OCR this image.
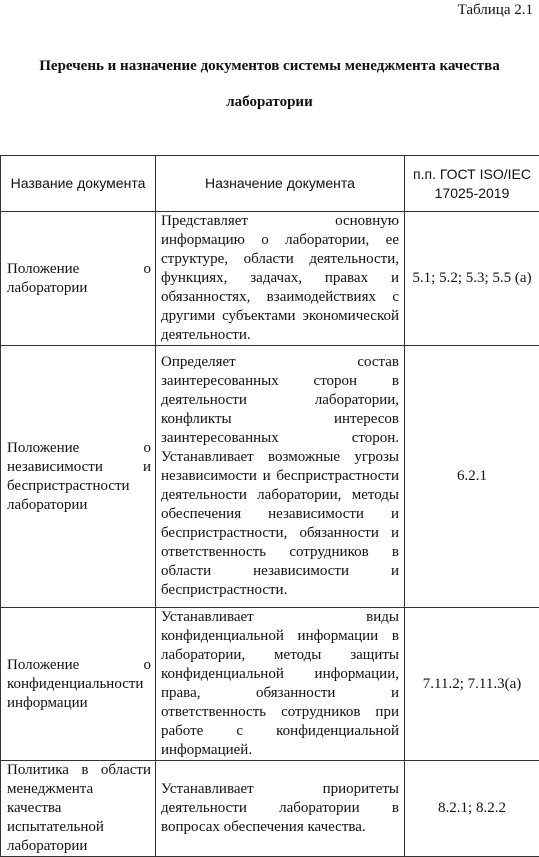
Таблица 2.1
Перечень и назначение документов системы менеджмента качества лаборатории
Название документа	Назначение документа	п.п. ГОСТ ISO/IEC 17025-2019
Положение о лаборатории	Представляет основную информацию о лаборатории, ее структуре, области деятельности, функциях, задачах, правах и обязанностях, взаимодействиях с другими субъектами экономической деятельности.	5.1; 5.2; 5.3; 5.5 (а)
Положение о независимости и беспристрастности лаборатории	Определяет состав заинтересованных сторон в деятельности лаборатории, конфликты интересов заинтересованных сторон. Устанавливает возможные угрозы независимости и беспристрастности деятельности лаборатории, методы обеспечения независимости и беспристрастности, обязанности и ответственность сотрудников в области независимости и беспристрастности.	6.2.1
Положение о конфиденциальности информации	Устанавливает виды конфиденциальной информации в лаборатории, методы защиты конфиденциальной информации, права, обязанности и ответственность сотрудников при работе с конфиденциальной информацией.	7.11.2; 7.11.3(а)
Политика в области менеджмента качества испытательной лаборатории	Устанавливает приоритеты деятельности лаборатории в вопросах обеспечения качества.	8.2.1; 8.2.2
